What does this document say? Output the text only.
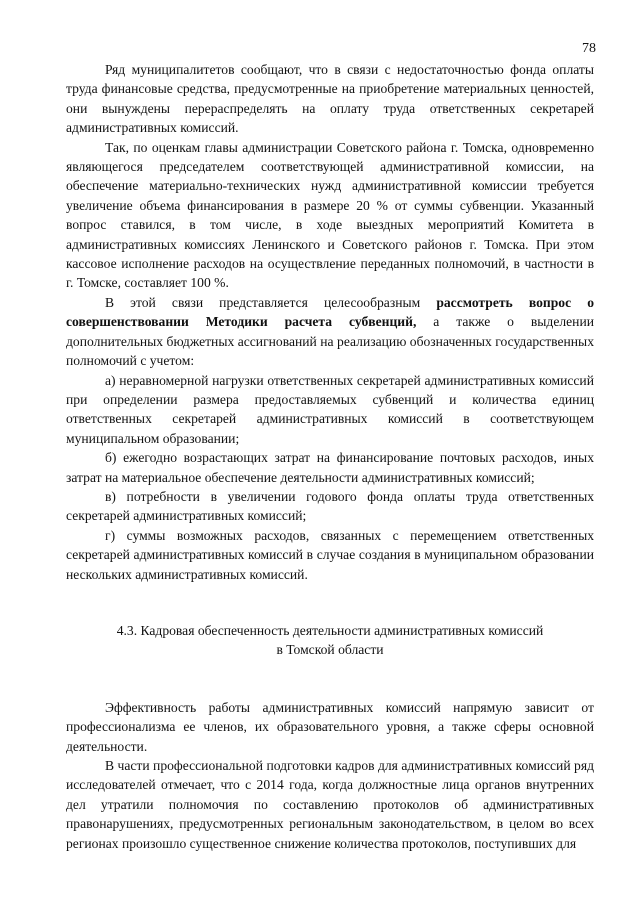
78

Ряд муниципалитетов сообщают, что в связи с недостаточностью фонда оплаты труда финансовые средства, предусмотренные на приобретение материальных ценностей, они вынуждены перераспределять на оплату труда ответственных секретарей административных комиссий.

Так, по оценкам главы администрации Советского района г. Томска, одновременно являющегося председателем соответствующей административной комиссии, на обеспечение материально-технических нужд административной комиссии требуется увеличение объема финансирования в размере 20 % от суммы субвенции. Указанный вопрос ставился, в том числе, в ходе выездных мероприятий Комитета в административных комиссиях Ленинского и Советского районов г. Томска. При этом кассовое исполнение расходов на осуществление переданных полномочий, в частности в г. Томске, составляет 100 %.

В этой связи представляется целесообразным рассмотреть вопрос о совершенствовании Методики расчета субвенций, а также о выделении дополнительных бюджетных ассигнований на реализацию обозначенных государственных полномочий с учетом:

а) неравномерной нагрузки ответственных секретарей административных комиссий при определении размера предоставляемых субвенций и количества единиц ответственных секретарей административных комиссий в соответствующем муниципальном образовании;

б) ежегодно возрастающих затрат на финансирование почтовых расходов, иных затрат на материальное обеспечение деятельности административных комиссий;

в) потребности в увеличении годового фонда оплаты труда ответственных секретарей административных комиссий;

г) суммы возможных расходов, связанных с перемещением ответственных секретарей административных комиссий в случае создания в муниципальном образовании нескольких административных комиссий.

4.3. Кадровая обеспеченность деятельности административных комиссий
в Томской области

Эффективность работы административных комиссий напрямую зависит от профессионализма ее членов, их образовательного уровня, а также сферы основной деятельности.

В части профессиональной подготовки кадров для административных комиссий ряд исследователей отмечает, что с 2014 года, когда должностные лица органов внутренних дел утратили полномочия по составлению протоколов об административных правонарушениях, предусмотренных региональным законодательством, в целом во всех регионах произошло существенное снижение количества протоколов, поступивших для
